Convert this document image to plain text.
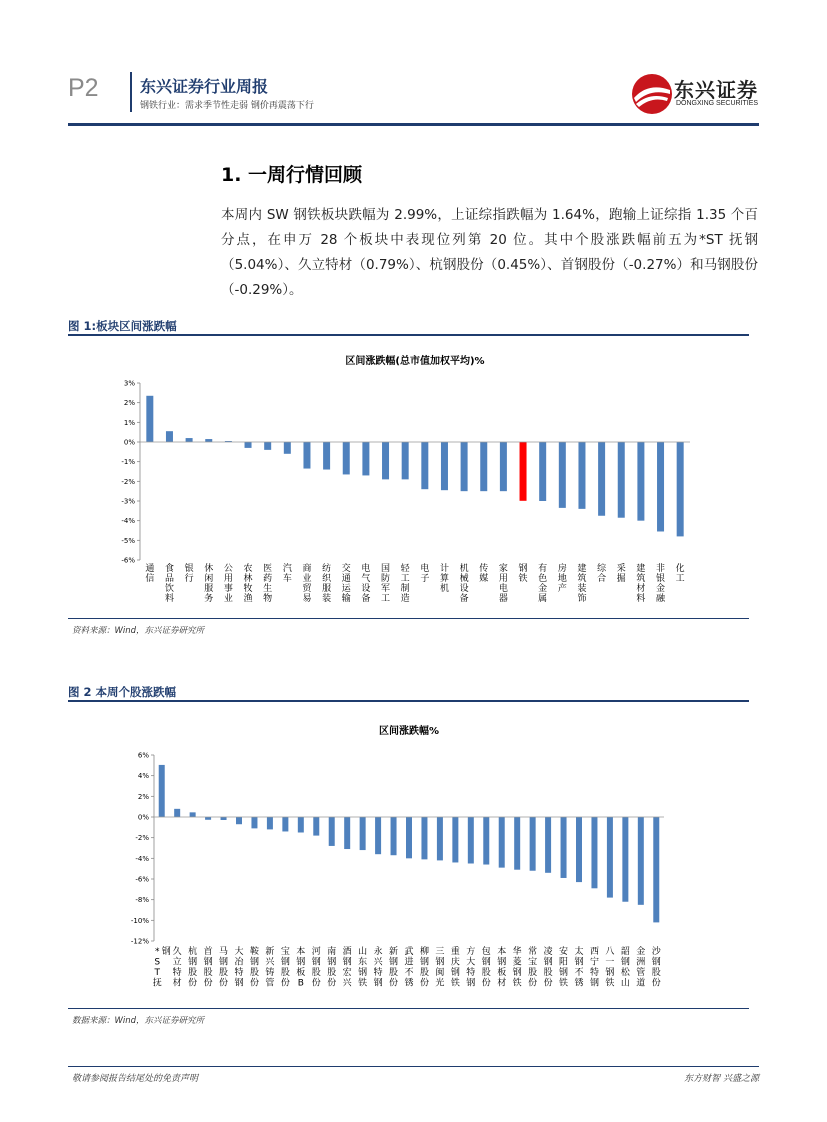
P2	东兴证券行业周报
钢铁行业：需求季节性走弱 钢价再震荡下行
东兴证券
DONGXING SECURITIES
1. 一周行情回顾
本周内 SW 钢铁板块跌幅为 2.99%，上证综指跌幅为 1.64%，跑输上证综指 1.35 个百分点，在申万 28 个板块中表现位列第 20 位。其中个股涨跌幅前五为*ST 抚钢（5.04%）、久立特材（0.79%）、杭钢股份（0.45%）、首钢股份（-0.27%）和马钢股份（-0.29%）。
图 1:板块区间涨跌幅
区间涨跌幅(总市值加权平均)%
3%
2%
1%
0%
-1%
-2%
-3%
-4%
-5%
-6%
通
信
食
品
饮
料
银
行
休
闲
服
务
公
用
事
业
农
林
牧
渔
医
药
生
物
汽
车
商
业
贸
易
纺
织
服
装
交
通
运
输
电
气
设
备
国
防
军
工
轻
工
制
造
电
子
计
算
机
机
械
设
备
传
媒
家
用
电
器
钢
铁
有
色
金
属
房
地
产
建
筑
装
饰
综
合
采
掘
建
筑
材
料
非
银
金
融
化
工
资料来源：Wind，东兴证券研究所
图 2 本周个股涨跌幅
区间涨跌幅%
6%
4%
2%
0%
-2%
-4%
-6%
-8%
-10%
-12%
*
S
T
抚
钢 久
立
特
材
杭
钢
股
份
首
钢
股
份
马
钢
股
份
大
冶
特
钢
鞍
钢
股
份
新
兴
铸
管
宝
钢
股
份
本
钢
板
B
河
钢
股
份
南
钢
股
份
酒
钢
宏
兴
山
东
钢
铁
永
兴
特
钢
新
钢
股
份
武
进
不
锈
柳
钢
股
份
三
钢
闽
光
重
庆
钢
铁
方
大
特
钢
包
钢
股
份
本
钢
板
材
华
菱
钢
铁
常
宝
股
份
凌
钢
股
份
安
阳
钢
铁
太
钢
不
锈
西
宁
特
钢
八
一
钢
铁
韶
钢
松
山
金
洲
管
道
沙
钢
股
份
数据来源：Wind，东兴证券研究所
敬请参阅报告结尾处的免责声明	东方财智 兴盛之源
